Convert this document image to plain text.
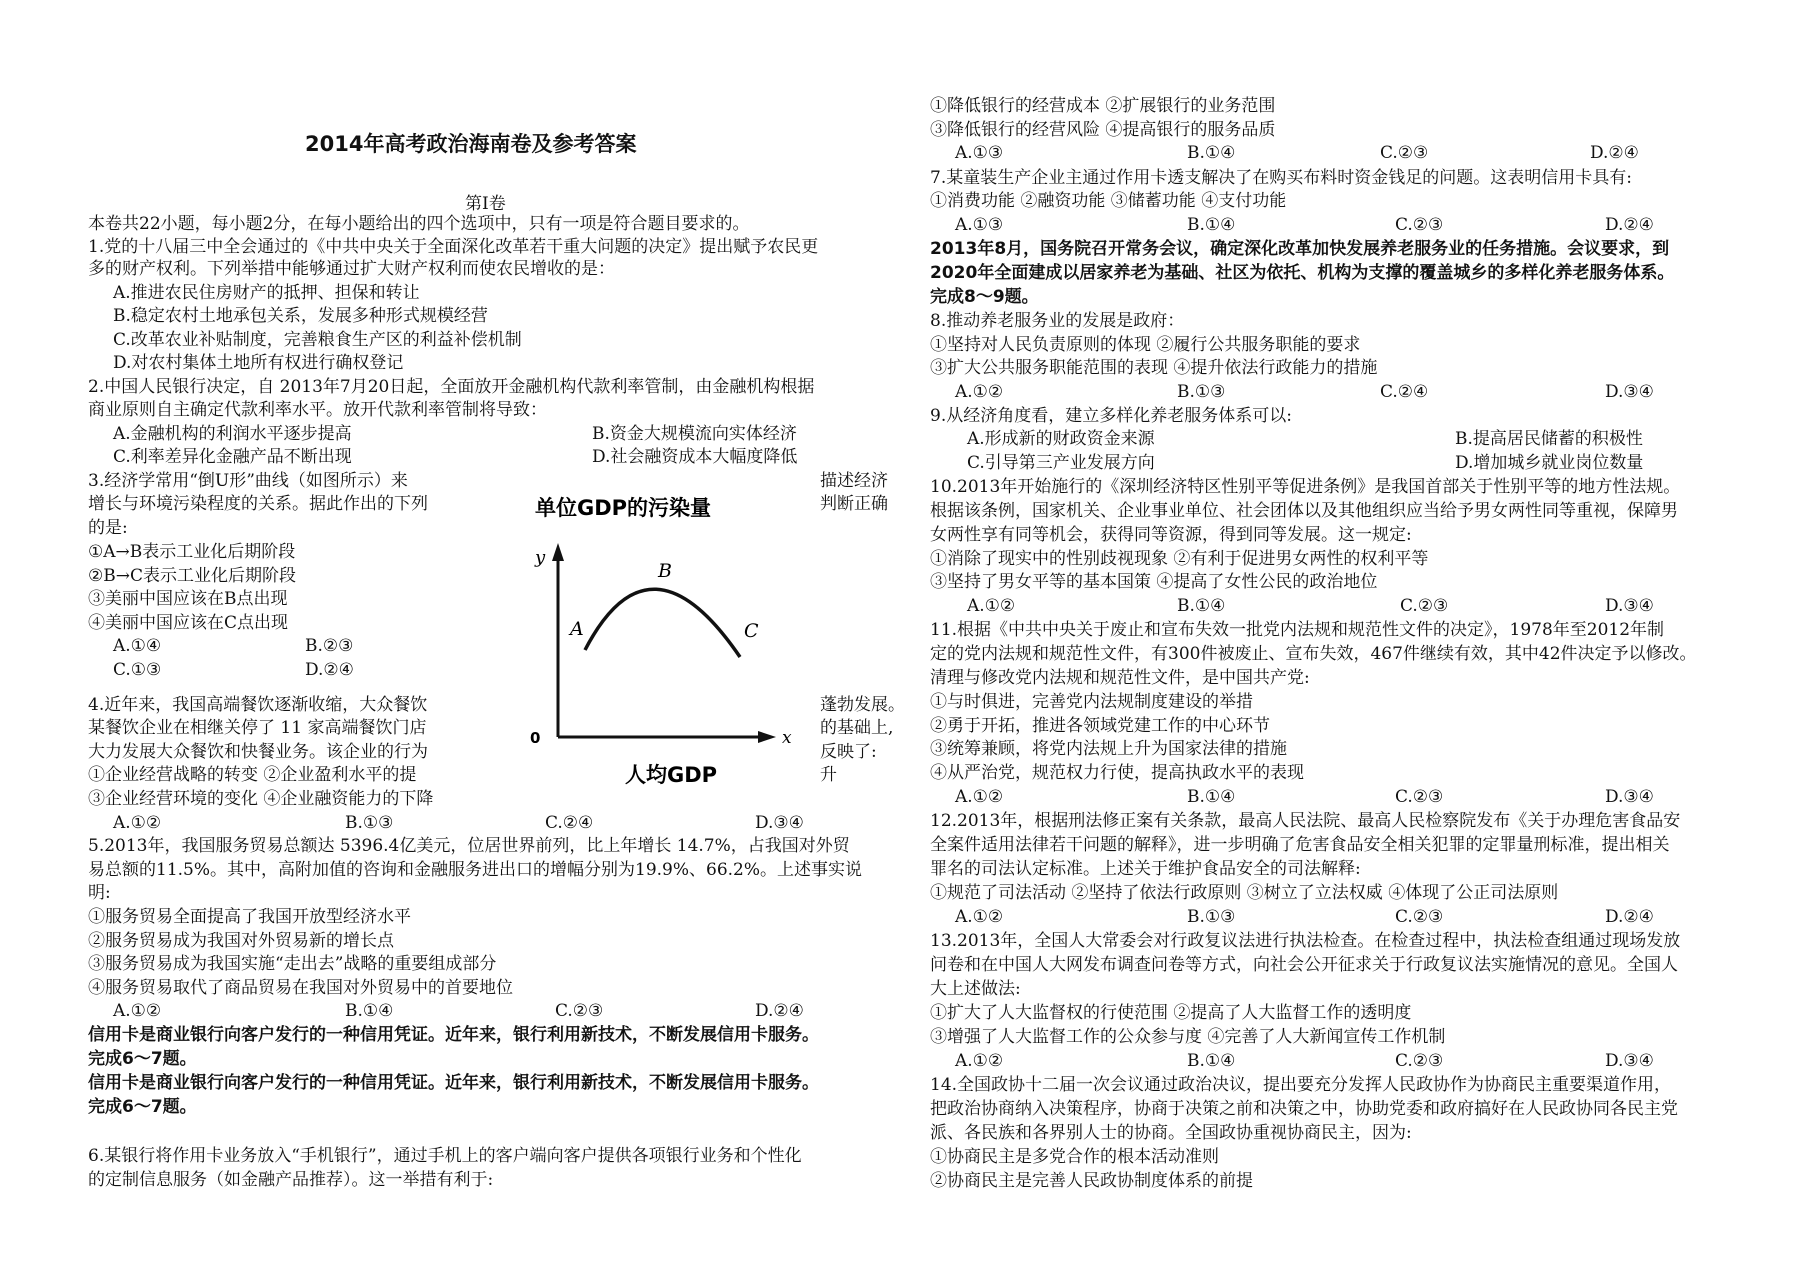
2014年高考政治海南卷及参考答案
第Ⅰ卷
本卷共22小题，每小题2分，在每小题给出的四个选项中，只有一项是符合题目要求的。
1.党的十八届三中全会通过的《中共中央关于全面深化改革若干重大问题的决定》提出赋予农民更
多的财产权利。下列举措中能够通过扩大财产权利而使农民增收的是：
A.推进农民住房财产的抵押、担保和转让
B.稳定农村土地承包关系，发展多种形式规模经营
C.改革农业补贴制度，完善粮食生产区的利益补偿机制
D.对农村集体土地所有权进行确权登记
2.中国人民银行决定，自 2013年7月20日起，全面放开金融机构代款利率管制，由金融机构根据
商业原则自主确定代款利率水平。放开代款利率管制将导致：
A.金融机构的利润水平逐步提高	B.资金大规模流向实体经济
C.利率差异化金融产品不断出现	D.社会融资成本大幅度降低
3.经济学常用“倒U形”曲线（如图所示）来	描述经济
增长与环境污染程度的关系。据此作出的下列	判断正确
的是:
①A→B表示工业化后期阶段
②B→C表示工业化后期阶段
③美丽中国应该在B点出现
④美丽中国应该在C点出现
A.①④	B.②③
C.①③	D.②④
单位GDP的污染量
y
x
0
A
B
C
人均GDP
4.近年来，我国高端餐饮逐渐收缩，大众餐饮	蓬勃发展。
某餐饮企业在相继关停了 11 家高端餐饮门店	的基础上,
大力发展大众餐饮和快餐业务。该企业的行为	反映了:
①企业经营战略的转变 ②企业盈利水平的提	升
③企业经营环境的变化 ④企业融资能力的下降
A.①②	B.①③	C.②④	D.③④
5.2013年，我国服务贸易总额达 5396.4亿美元，位居世界前列，比上年增长 14.7%，占我国对外贸
易总额的11.5%。其中，高附加值的咨询和金融服务进出口的增幅分别为19.9%、66.2%。上述事实说
明:
①服务贸易全面提高了我国开放型经济水平
②服务贸易成为我国对外贸易新的增长点
③服务贸易成为我国实施“走出去”战略的重要组成部分
④服务贸易取代了商品贸易在我国对外贸易中的首要地位
A.①②	B.①④	C.②③	D.②④
信用卡是商业银行向客户发行的一种信用凭证。近年来，银行利用新技术，不断发展信用卡服务。
完成6～7题。
信用卡是商业银行向客户发行的一种信用凭证。近年来，银行利用新技术，不断发展信用卡服务。
完成6～7题。
6.某银行将作用卡业务放入“手机银行”，通过手机上的客户端向客户提供各项银行业务和个性化
的定制信息服务（如金融产品推荐）。这一举措有利于:
①降低银行的经营成本 ②扩展银行的业务范围
③降低银行的经营风险 ④提高银行的服务品质
A.①③	B.①④	C.②③	D.②④
7.某童装生产企业主通过作用卡透支解决了在购买布料时资金钱足的问题。这表明信用卡具有:
①消费功能 ②融资功能 ③储蓄功能 ④支付功能
A.①③	B.①④	C.②③	D.②④
2013年8月，国务院召开常务会议，确定深化改革加快发展养老服务业的任务措施。会议要求，到
2020年全面建成以居家养老为基础、社区为依托、机构为支撑的覆盖城乡的多样化养老服务体系。
完成8～9题。
8.推动养老服务业的发展是政府：
①坚持对人民负责原则的体现 ②履行公共服务职能的要求
③扩大公共服务职能范围的表现 ④提升依法行政能力的措施
A.①②	B.①③	C.②④	D.③④
9.从经济角度看，建立多样化养老服务体系可以:
A.形成新的财政资金来源	B.提高居民储蓄的积极性
C.引导第三产业发展方向	D.增加城乡就业岗位数量
10.2013年开始施行的《深圳经济特区性别平等促进条例》是我国首部关于性别平等的地方性法规。
根据该条例，国家机关、企业事业单位、社会团体以及其他组织应当给予男女两性同等重视，保障男
女两性享有同等机会，获得同等资源，得到同等发展。这一规定:
①消除了现实中的性别歧视现象 ②有利于促进男女两性的权利平等
③坚持了男女平等的基本国策 ④提高了女性公民的政治地位
A.①②	B.①④	C.②③	D.③④
11.根据《中共中央关于废止和宣布失效一批党内法规和规范性文件的决定》，1978年至2012年制
定的党内法规和规范性文件，有300件被废止、宣布失效，467件继续有效，其中42件决定予以修改。
清理与修改党内法规和规范性文件，是中国共产党:
①与时俱进，完善党内法规制度建设的举措
②勇于开拓，推进各领域党建工作的中心环节
③统筹兼顾，将党内法规上升为国家法律的措施
④从严治党，规范权力行使，提高执政水平的表现
A.①②	B.①④	C.②③	D.③④
12.2013年，根据刑法修正案有关条款，最高人民法院、最高人民检察院发布《关于办理危害食品安
全案件适用法律若干问题的解释》，进一步明确了危害食品安全相关犯罪的定罪量刑标准，提出相关
罪名的司法认定标准。上述关于维护食品安全的司法解释:
①规范了司法活动 ②坚持了依法行政原则 ③树立了立法权威 ④体现了公正司法原则
A.①②	B.①③	C.②③	D.②④
13.2013年，全国人大常委会对行政复议法进行执法检查。在检查过程中，执法检查组通过现场发放
问卷和在中国人大网发布调查问卷等方式，向社会公开征求关于行政复议法实施情况的意见。全国人
大上述做法:
①扩大了人大监督权的行使范围 ②提高了人大监督工作的透明度
③增强了人大监督工作的公众参与度 ④完善了人大新闻宣传工作机制
A.①②	B.①④	C.②③	D.③④
14.全国政协十二届一次会议通过政治决议，提出要充分发挥人民政协作为协商民主重要渠道作用，
把政治协商纳入决策程序，协商于决策之前和决策之中，协助党委和政府搞好在人民政协同各民主党
派、各民族和各界别人士的协商。全国政协重视协商民主，因为:
①协商民主是多党合作的根本活动准则
②协商民主是完善人民政协制度体系的前提
